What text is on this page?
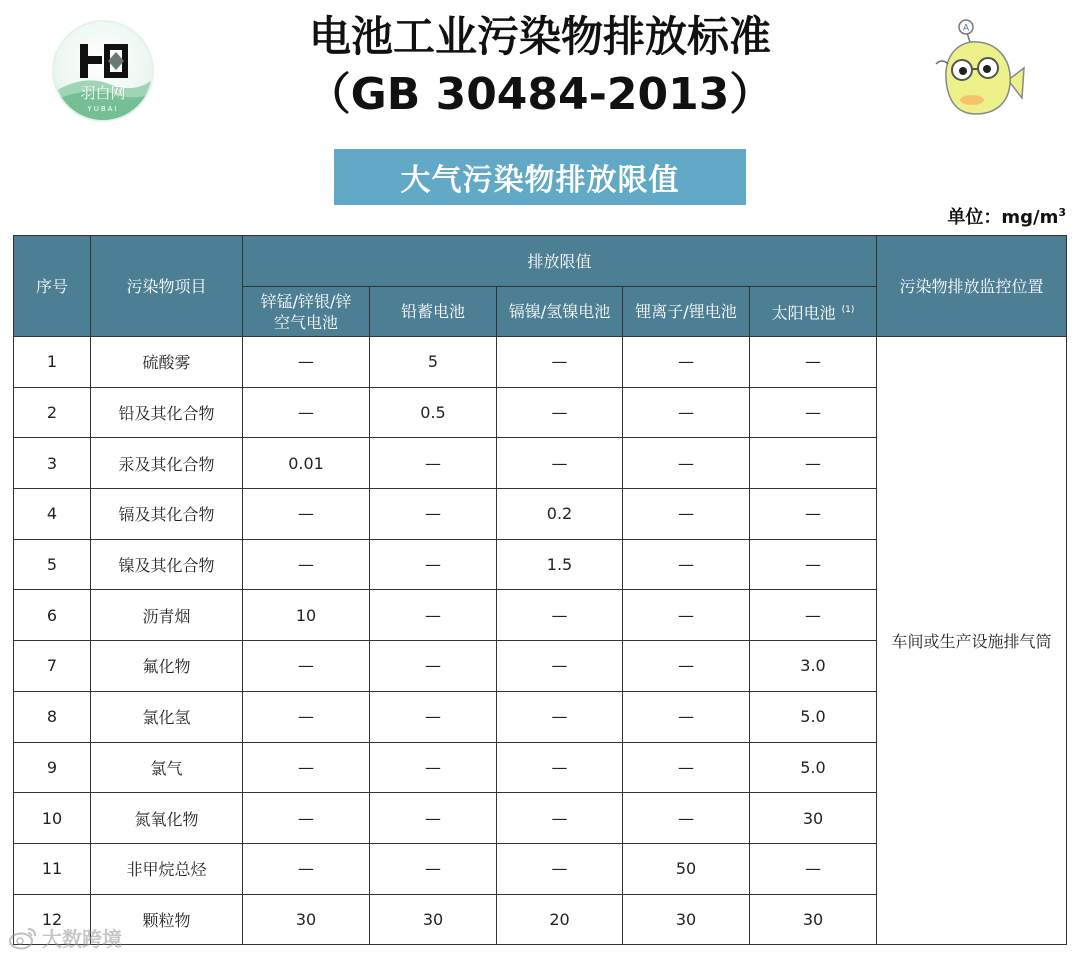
羽白网
YUBAI
电池工业污染物排放标准
（GB 30484-2013）
A
大气污染物排放限值
单位：$mg/m^3$
序号	污染物项目	排放限值					污染物排放监控位置

		锌锰/锌银/锌空气电池	铅蓄电池	镉镍/氢镍电池	锂离子/锂电池	太阳电池 $^{(1)}$
1	硫酸雾	—	5	—	—	—	车间或生产设施排气筒
2	铅及其化合物	—	0.5	—	—	—	
3	汞及其化合物	0.01	—	—	—	—	
4	镉及其化合物	—	—	0.2	—	—	
5	镍及其化合物	—	—	1.5	—	—	
6	沥青烟	10	—	—	—	—	
7	氟化物	—	—	—	—	3.0	
8	氯化氢	—	—	—	—	5.0	
9	氯气	—	—	—	—	5.0	
10	氮氧化物	—	—	—	—	30	
11	非甲烷总烃	—	—	—	50	—	
12	颗粒物	30	30	20	30	30	
大数跨境
